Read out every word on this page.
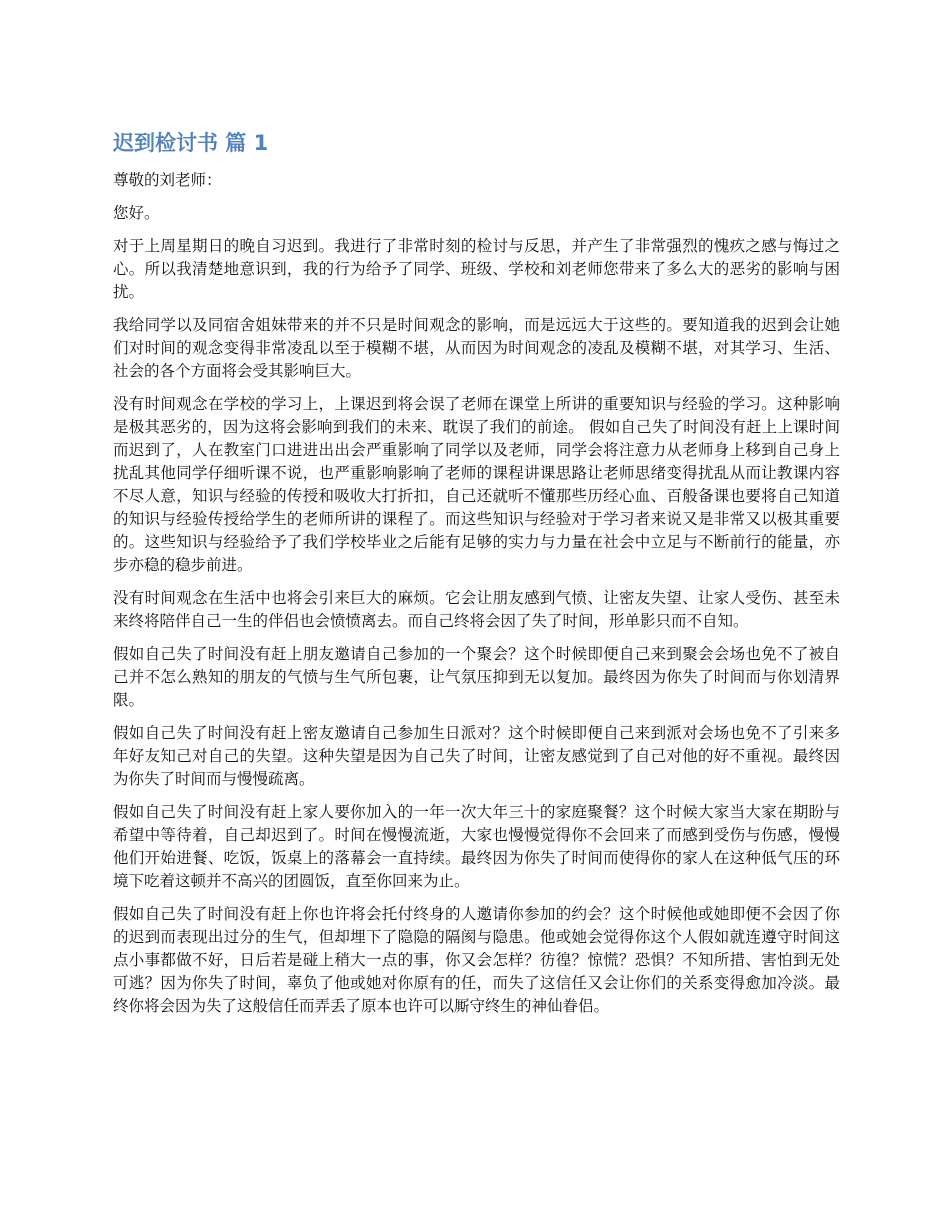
迟到检讨书 篇 1

尊敬的刘老师：

您好。

对于上周星期日的晚自习迟到。我进行了非常时刻的检讨与反思，并产生了非常强烈的愧疚之感与悔过之心。所以我清楚地意识到，我的行为给予了同学、班级、学校和刘老师您带来了多么大的恶劣的影响与困扰。

我给同学以及同宿舍姐妹带来的并不只是时间观念的影响，而是远远大于这些的。要知道我的迟到会让她们对时间的观念变得非常凌乱以至于模糊不堪，从而因为时间观念的凌乱及模糊不堪，对其学习、生活、社会的各个方面将会受其影响巨大。

没有时间观念在学校的学习上，上课迟到将会误了老师在课堂上所讲的重要知识与经验的学习。这种影响是极其恶劣的，因为这将会影响到我们的未来、耽误了我们的前途。 假如自己失了时间没有赶上上课时间而迟到了，人在教室门口进进出出会严重影响了同学以及老师，同学会将注意力从老师身上移到自己身上扰乱其他同学仔细听课不说，也严重影响影响了老师的课程讲课思路让老师思绪变得扰乱从而让教课内容不尽人意，知识与经验的传授和吸收大打折扣，自己还就听不懂那些历经心血、百般备课也要将自己知道的知识与经验传授给学生的老师所讲的课程了。而这些知识与经验对于学习者来说又是非常又以极其重要的。这些知识与经验给予了我们学校毕业之后能有足够的实力与力量在社会中立足与不断前行的能量，亦步亦稳的稳步前进。

没有时间观念在生活中也将会引来巨大的麻烦。它会让朋友感到气愤、让密友失望、让家人受伤、甚至未来终将陪伴自己一生的伴侣也会愤愤离去。而自己终将会因了失了时间，形单影只而不自知。

假如自己失了时间没有赶上朋友邀请自己参加的一个聚会？这个时候即便自己来到聚会会场也免不了被自己并不怎么熟知的朋友的气愤与生气所包裹，让气氛压抑到无以复加。最终因为你失了时间而与你划清界限。

假如自己失了时间没有赶上密友邀请自己参加生日派对？这个时候即便自己来到派对会场也免不了引来多年好友知己对自己的失望。这种失望是因为自己失了时间，让密友感觉到了自己对他的好不重视。最终因为你失了时间而与慢慢疏离。

假如自己失了时间没有赶上家人要你加入的一年一次大年三十的家庭聚餐？这个时候大家当大家在期盼与希望中等待着，自己却迟到了。时间在慢慢流逝，大家也慢慢觉得你不会回来了而感到受伤与伤感，慢慢他们开始进餐、吃饭，饭桌上的落幕会一直持续。最终因为你失了时间而使得你的家人在这种低气压的环境下吃着这顿并不高兴的团圆饭，直至你回来为止。

假如自己失了时间没有赶上你也许将会托付终身的人邀请你参加的约会？这个时候他或她即便不会因了你的迟到而表现出过分的生气，但却埋下了隐隐的隔阂与隐患。他或她会觉得你这个人假如就连遵守时间这点小事都做不好，日后若是碰上稍大一点的事，你又会怎样？彷徨？惊慌？恐惧？不知所措、害怕到无处可逃？因为你失了时间，辜负了他或她对你原有的任，而失了这信任又会让你们的关系变得愈加冷淡。最终你将会因为失了这般信任而弄丢了原本也许可以厮守终生的神仙眷侣。
